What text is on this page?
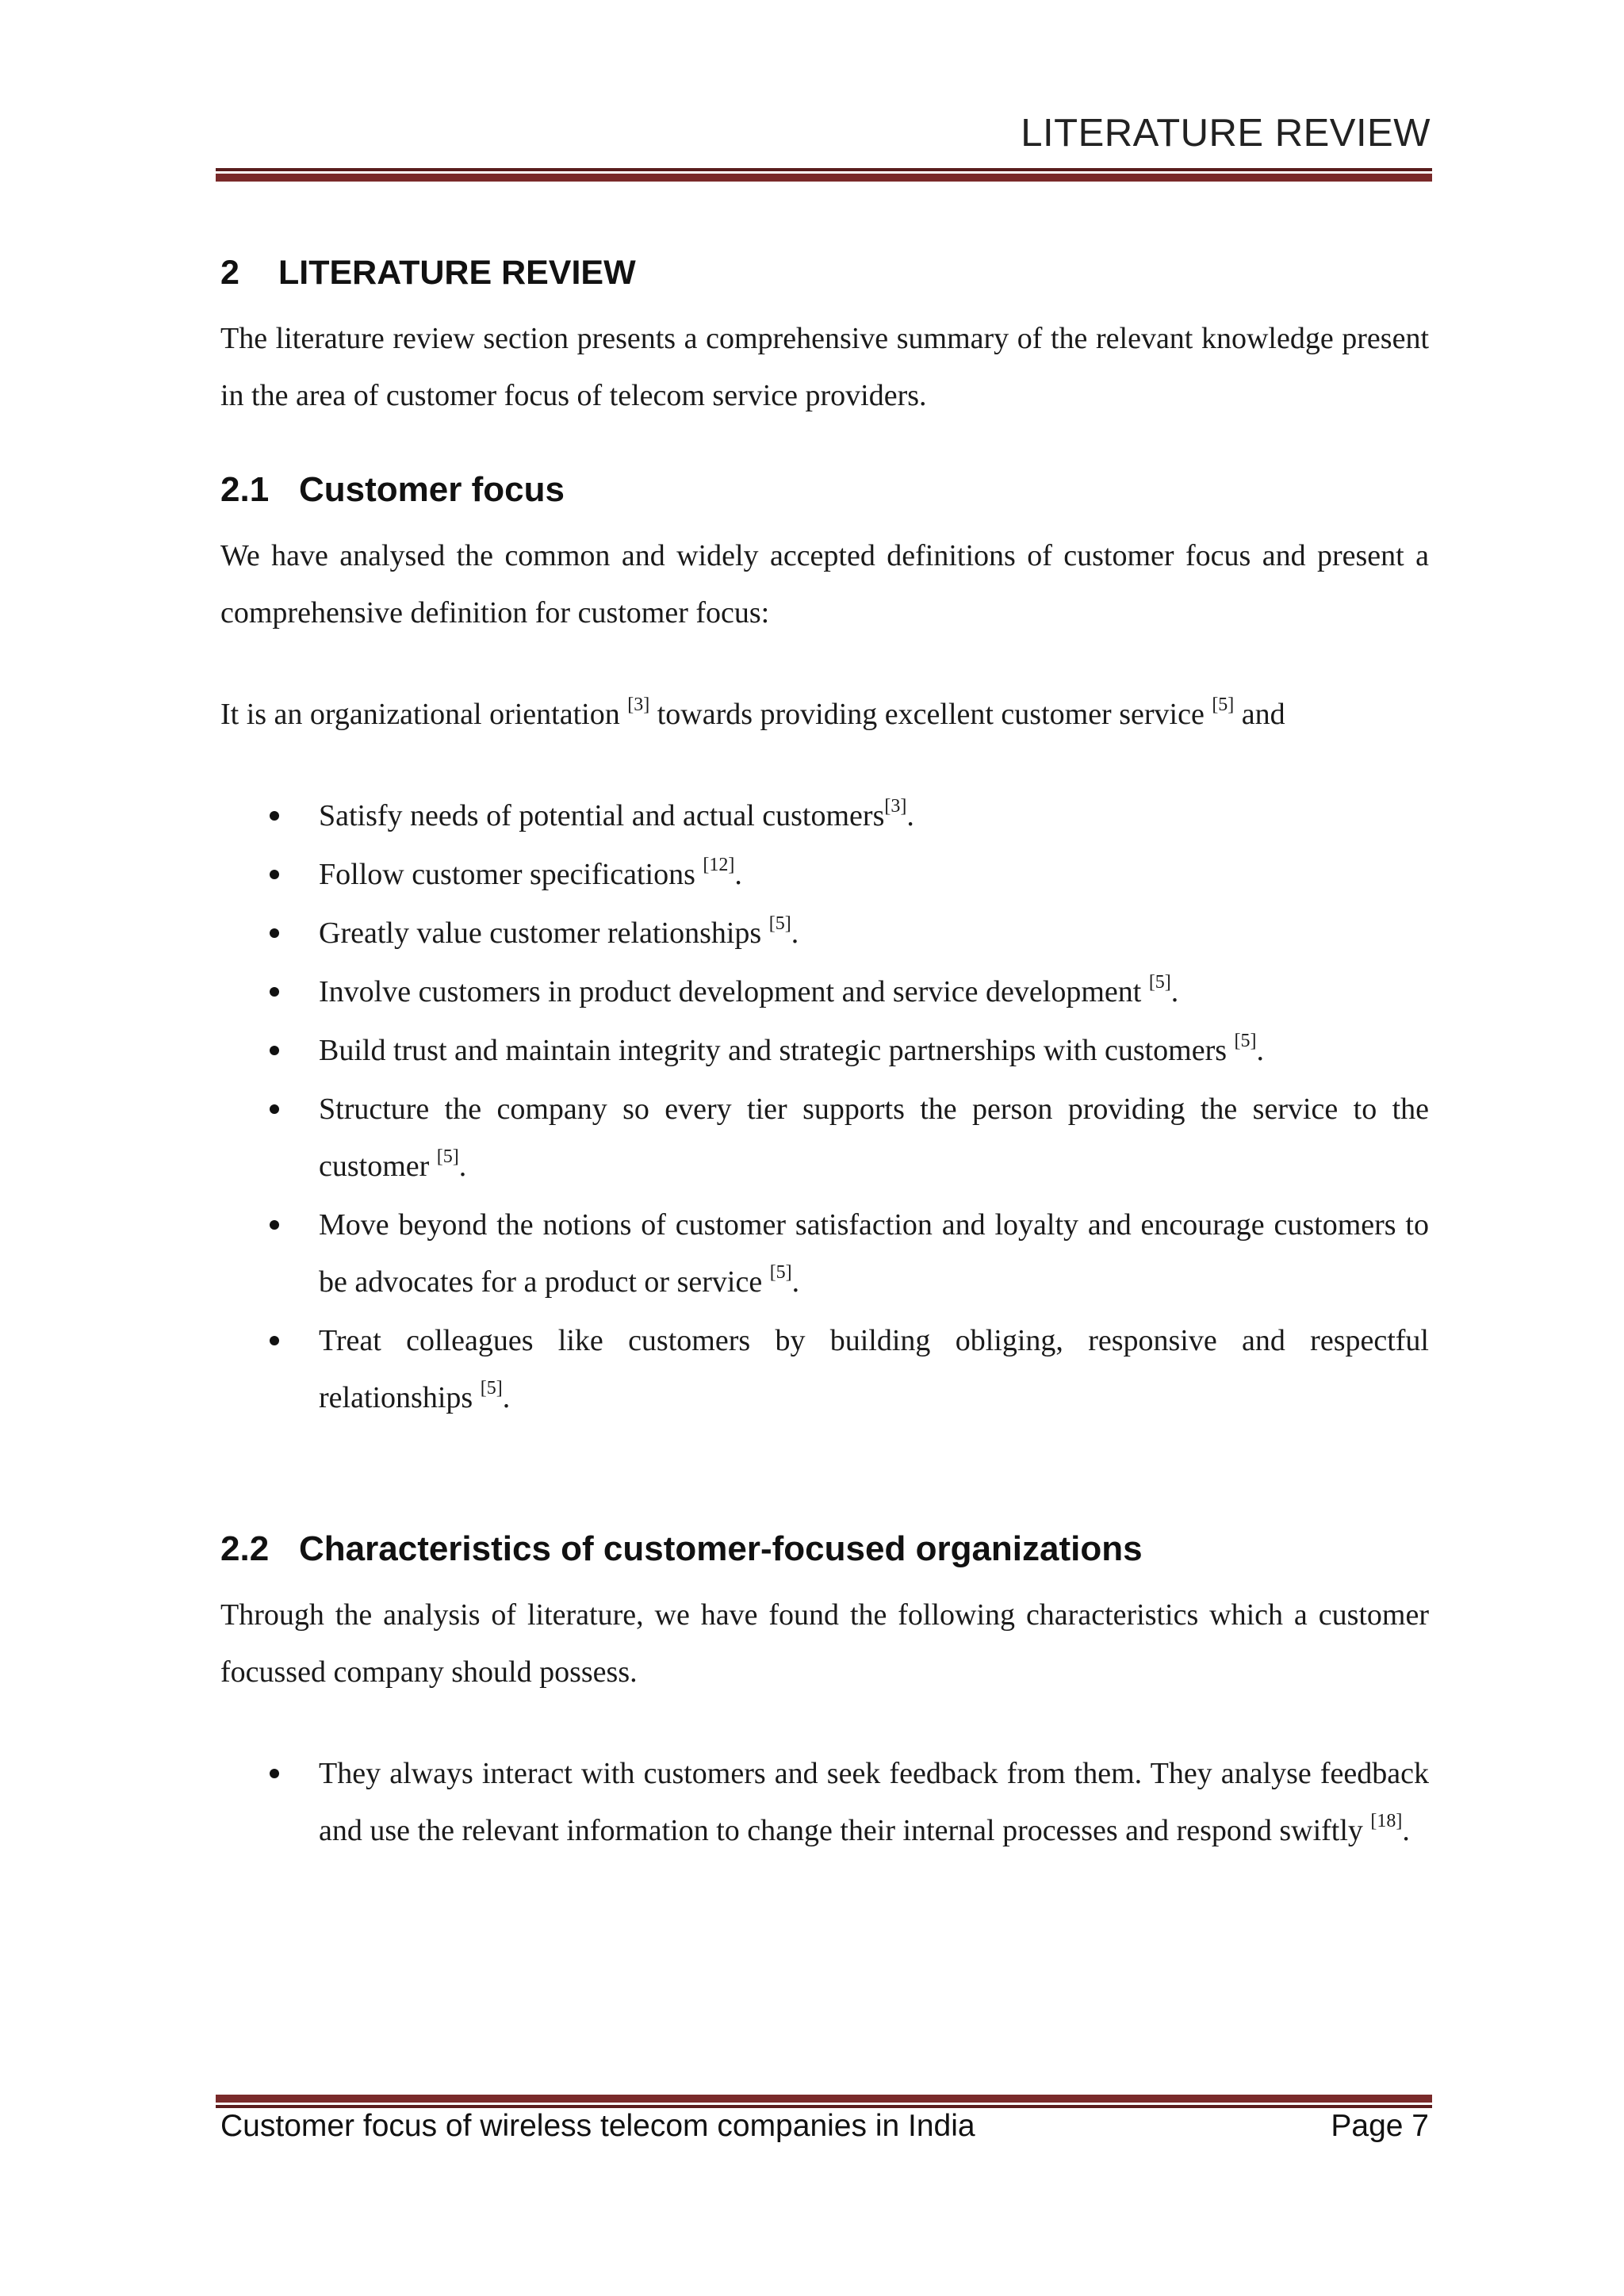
LITERATURE REVIEW
2 LITERATURE REVIEW

The literature review section presents a comprehensive summary of the relevant knowledge present in the area of customer focus of telecom service providers.

2.1 Customer focus

We have analysed the common and widely accepted definitions of customer focus and present a comprehensive definition for customer focus:

It is an organizational orientation [3] towards providing excellent customer service [5] and

Satisfy needs of potential and actual customers[3].
Follow customer specifications [12].
Greatly value customer relationships [5].
Involve customers in product development and service development [5].
Build trust and maintain integrity and strategic partnerships with customers [5].
Structure the company so every tier supports the person providing the service to the customer [5].
Move beyond the notions of customer satisfaction and loyalty and encourage customers to be advocates for a product or service [5].
Treat colleagues like customers by building obliging, responsive and respectful relationships [5].
2.2 Characteristics of customer-focused organizations

Through the analysis of literature, we have found the following characteristics which a customer focussed company should possess.

They always interact with customers and seek feedback from them. They analyse feedback and use the relevant information to change their internal processes and respond swiftly [18].
Customer focus of wireless telecom companies in India	Page 7
